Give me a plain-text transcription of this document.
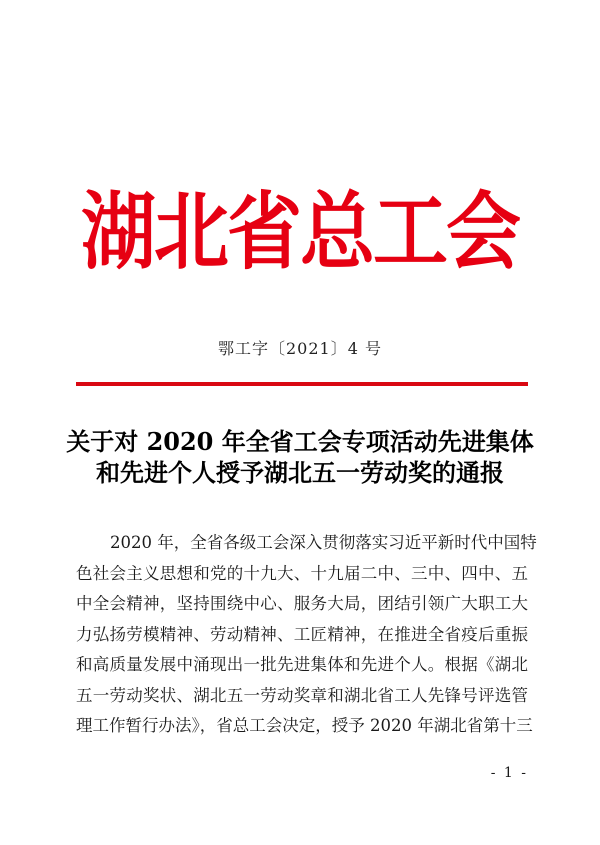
湖北省总工会
鄂工字〔2021〕4 号
关于对 2020 年全省工会专项活动先进集体
和先进个人授予湖北五一劳动奖的通报
2020 年，全省各级工会深入贯彻落实习近平新时代中国特
色社会主义思想和党的十九大、十九届二中、三中、四中、五
中全会精神，坚持围绕中心、服务大局，团结引领广大职工大
力弘扬劳模精神、劳动精神、工匠精神，在推进全省疫后重振
和高质量发展中涌现出一批先进集体和先进个人。根据《湖北
五一劳动奖状、湖北五一劳动奖章和湖北省工人先锋号评选管
理工作暂行办法》，省总工会决定，授予 2020 年湖北省第十三
- 1 -
